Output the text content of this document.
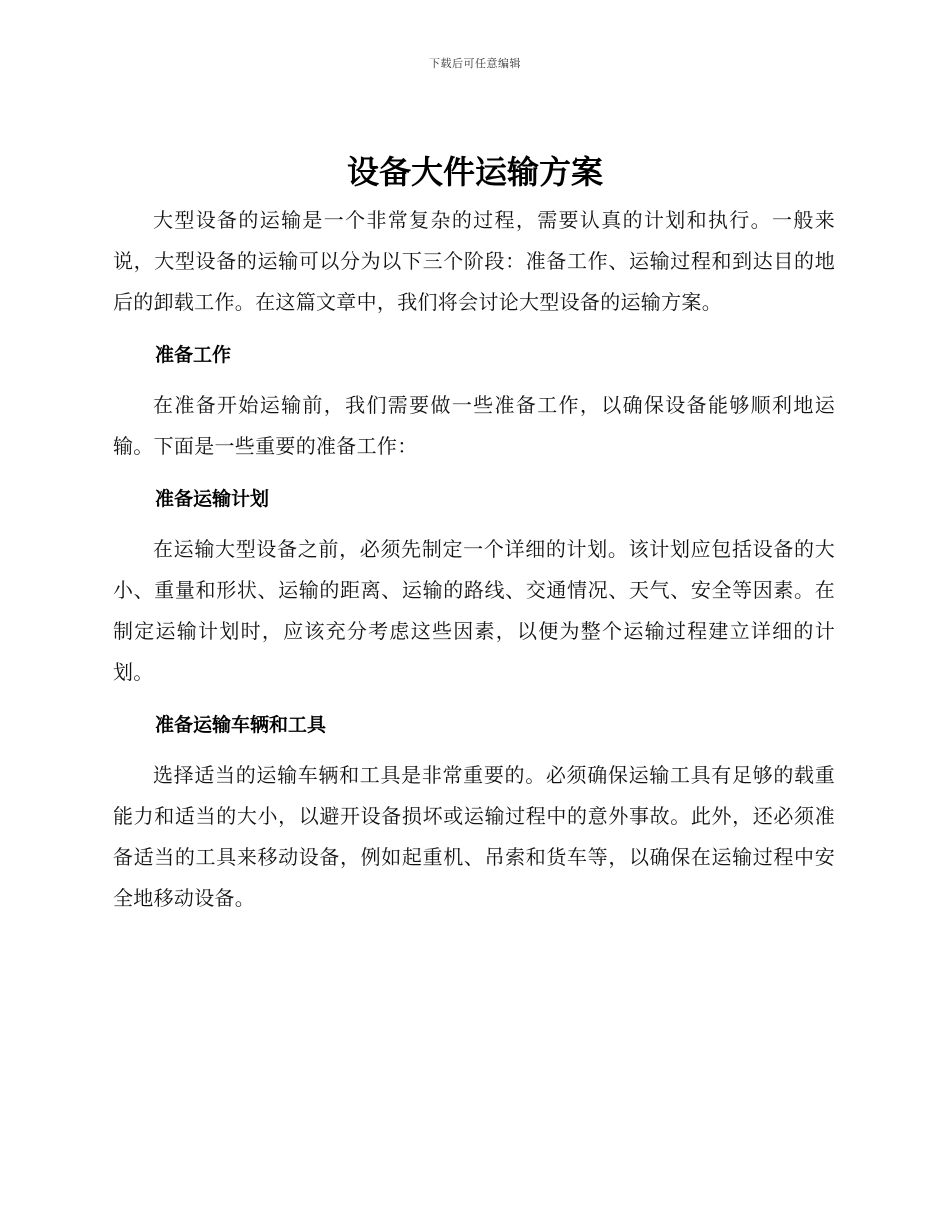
下载后可任意编辑
设备大件运输方案

大型设备的运输是一个非常复杂的过程，需要认真的计划和执行。一般来说，大型设备的运输可以分为以下三个阶段：准备工作、运输过程和到达目的地后的卸载工作。在这篇文章中，我们将会讨论大型设备的运输方案。

准备工作

在准备开始运输前，我们需要做一些准备工作，以确保设备能够顺利地运输。下面是一些重要的准备工作：

准备运输计划

在运输大型设备之前，必须先制定一个详细的计划。该计划应包括设备的大小、重量和形状、运输的距离、运输的路线、交通情况、天气、安全等因素。在制定运输计划时，应该充分考虑这些因素，以便为整个运输过程建立详细的计划。

准备运输车辆和工具

选择适当的运输车辆和工具是非常重要的。必须确保运输工具有足够的载重能力和适当的大小，以避开设备损坏或运输过程中的意外事故。此外，还必须准备适当的工具来移动设备，例如起重机、吊索和货车等，以确保在运输过程中安全地移动设备。
